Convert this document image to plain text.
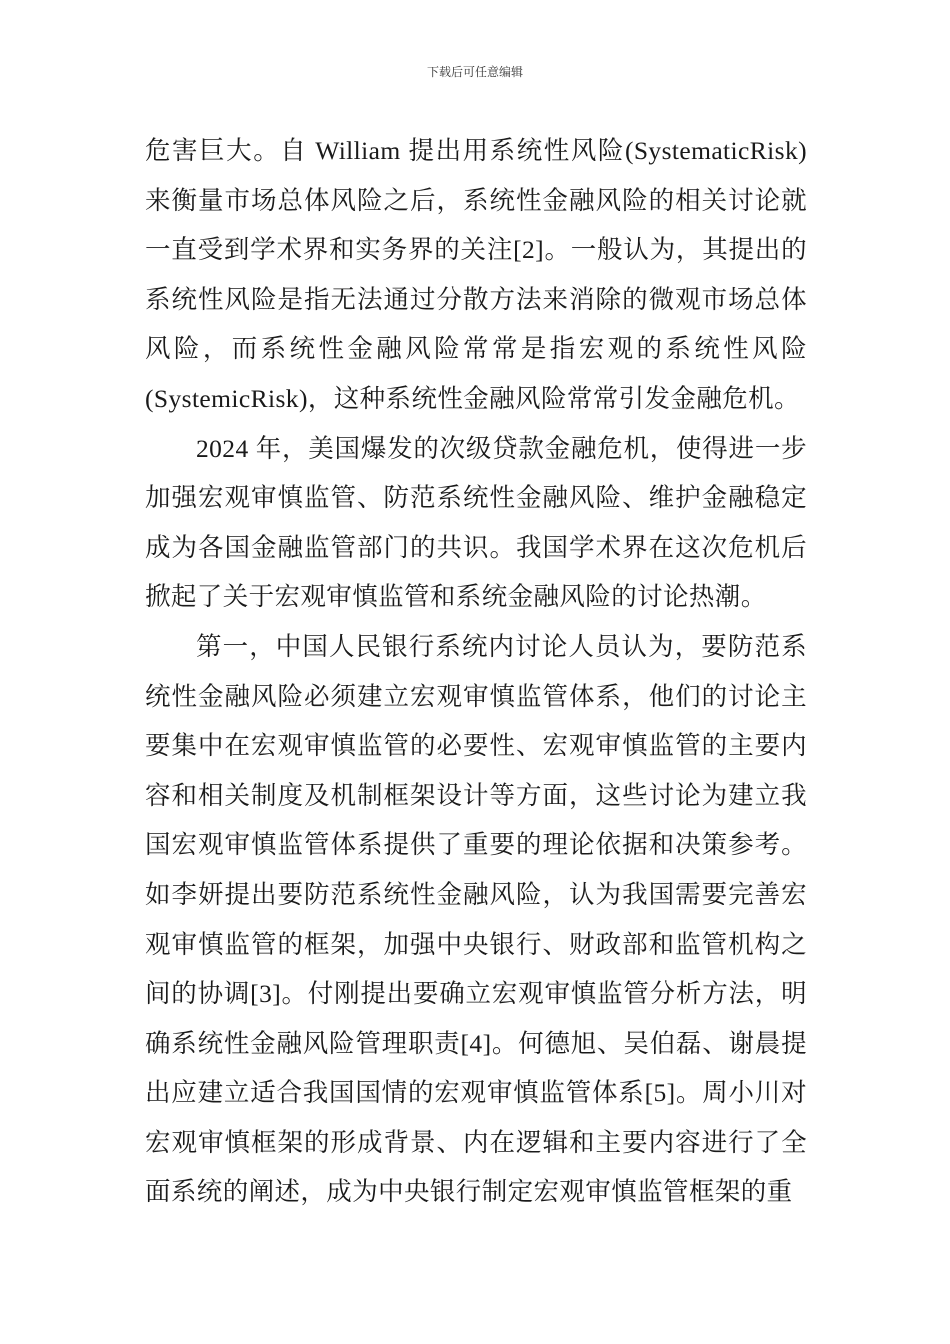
下载后可任意编辑

危害巨大。自 William 提出用系统性风险(SystematicRisk)来衡量市场总体风险之后，系统性金融风险的相关讨论就一直受到学术界和实务界的关注[2]。一般认为，其提出的系统性风险是指无法通过分散方法来消除的微观市场总体风险，而系统性金融风险常常是指宏观的系统性风险(SystemicRisk)，这种系统性金融风险常常引发金融危机。

2024 年，美国爆发的次级贷款金融危机，使得进一步加强宏观审慎监管、防范系统性金融风险、维护金融稳定成为各国金融监管部门的共识。我国学术界在这次危机后掀起了关于宏观审慎监管和系统金融风险的讨论热潮。

第一，中国人民银行系统内讨论人员认为，要防范系统性金融风险必须建立宏观审慎监管体系，他们的讨论主要集中在宏观审慎监管的必要性、宏观审慎监管的主要内容和相关制度及机制框架设计等方面，这些讨论为建立我国宏观审慎监管体系提供了重要的理论依据和决策参考。如李妍提出要防范系统性金融风险，认为我国需要完善宏观审慎监管的框架，加强中央银行、财政部和监管机构之间的协调[3]。付刚提出要确立宏观审慎监管分析方法，明确系统性金融风险管理职责[4]。何德旭、吴伯磊、谢晨提出应建立适合我国国情的宏观审慎监管体系[5]。周小川对宏观审慎框架的形成背景、内在逻辑和主要内容进行了全面系统的阐述，成为中央银行制定宏观审慎监管框架的重
